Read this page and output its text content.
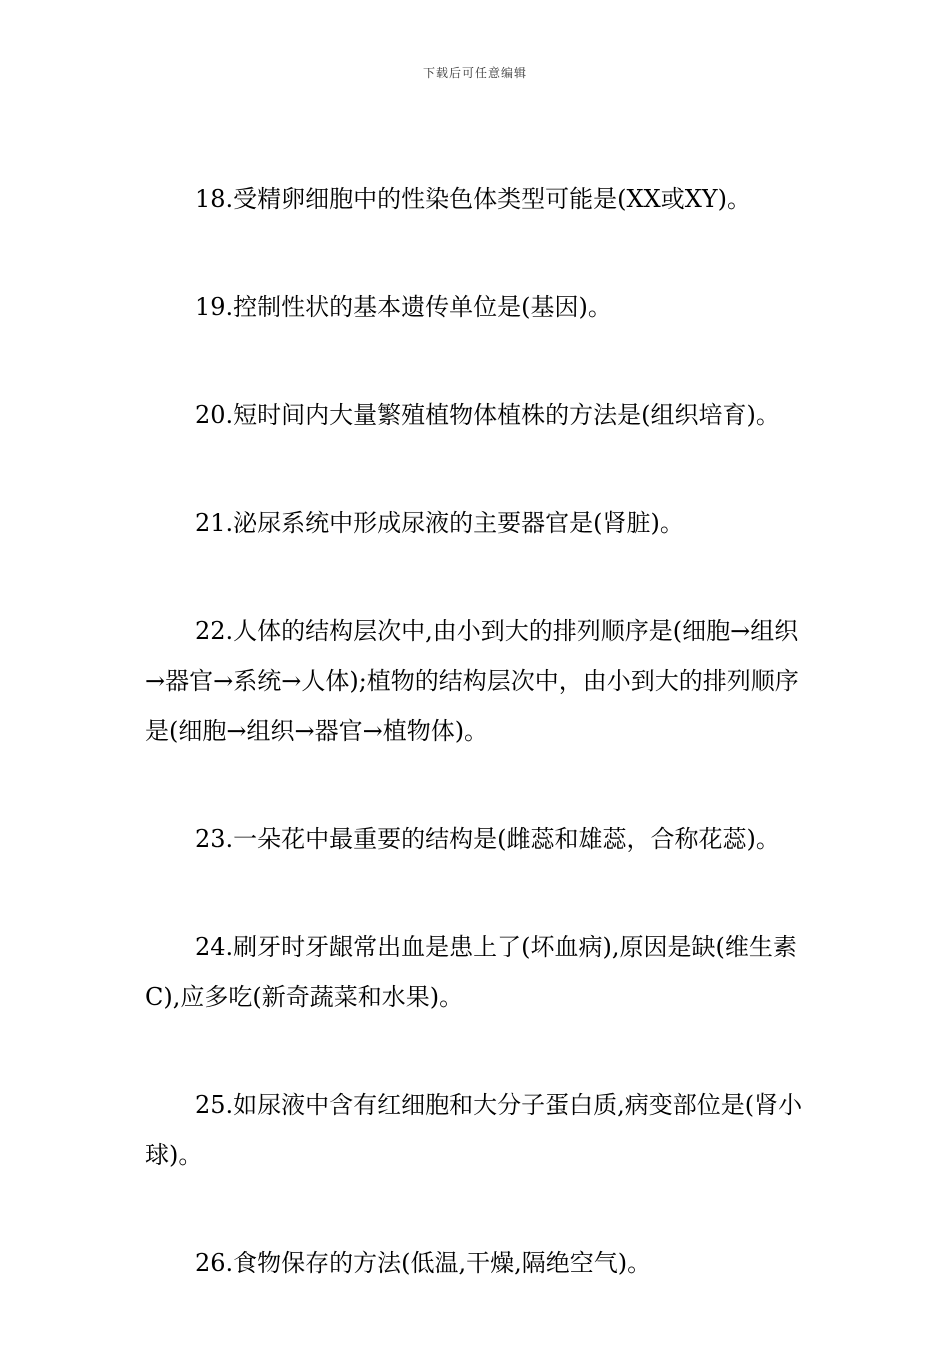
下载后可任意编辑

18.受精卵细胞中的性染色体类型可能是(XX或XY)。

19.控制性状的基本遗传单位是(基因)。

20.短时间内大量繁殖植物体植株的方法是(组织培育)。

21.泌尿系统中形成尿液的主要器官是(肾脏)。

22.人体的结构层次中,由小到大的排列顺序是(细胞→组织→器官→系统→人体);植物的结构层次中，由小到大的排列顺序是(细胞→组织→器官→植物体)。

23.一朵花中最重要的结构是(雌蕊和雄蕊，合称花蕊)。

24.刷牙时牙龈常出血是患上了(坏血病),原因是缺(维生素C),应多吃(新奇蔬菜和水果)。

25.如尿液中含有红细胞和大分子蛋白质,病变部位是(肾小球)。

26.食物保存的方法(低温,干燥,隔绝空气)。
